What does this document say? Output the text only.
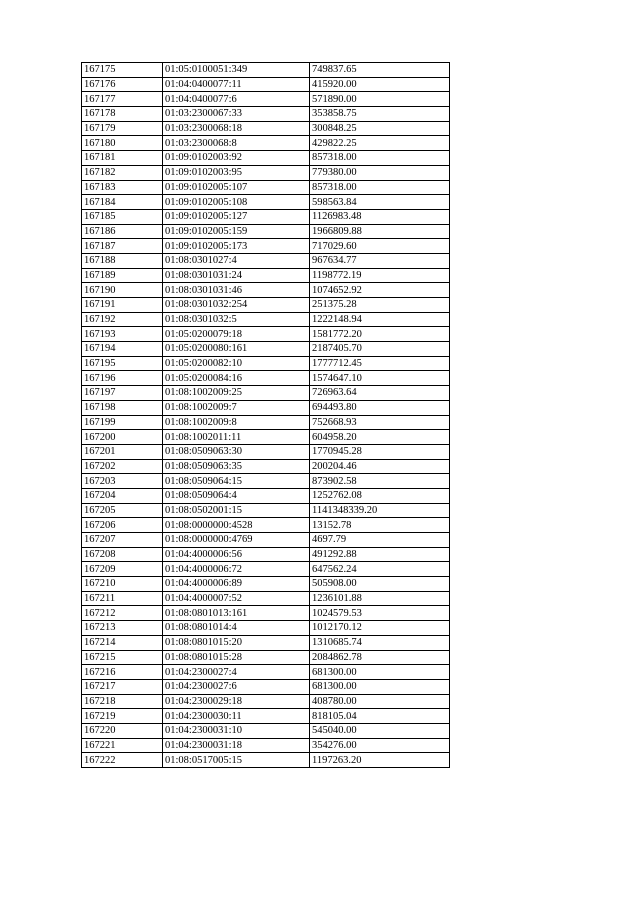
167175	01:05:0100051:349	749837.65
167176	01:04:0400077:11	415920.00
167177	01:04:0400077:6	571890.00
167178	01:03:2300067:33	353858.75
167179	01:03:2300068:18	300848.25
167180	01:03:2300068:8	429822.25
167181	01:09:0102003:92	857318.00
167182	01:09:0102003:95	779380.00
167183	01:09:0102005:107	857318.00
167184	01:09:0102005:108	598563.84
167185	01:09:0102005:127	1126983.48
167186	01:09:0102005:159	1966809.88
167187	01:09:0102005:173	717029.60
167188	01:08:0301027:4	967634.77
167189	01:08:0301031:24	1198772.19
167190	01:08:0301031:46	1074652.92
167191	01:08:0301032:254	251375.28
167192	01:08:0301032:5	1222148.94
167193	01:05:0200079:18	1581772.20
167194	01:05:0200080:161	2187405.70
167195	01:05:0200082:10	1777712.45
167196	01:05:0200084:16	1574647.10
167197	01:08:1002009:25	726963.64
167198	01:08:1002009:7	694493.80
167199	01:08:1002009:8	752668.93
167200	01:08:1002011:11	604958.20
167201	01:08:0509063:30	1770945.28
167202	01:08:0509063:35	200204.46
167203	01:08:0509064:15	873902.58
167204	01:08:0509064:4	1252762.08
167205	01:08:0502001:15	1141348339.20
167206	01:08:0000000:4528	13152.78
167207	01:08:0000000:4769	4697.79
167208	01:04:4000006:56	491292.88
167209	01:04:4000006:72	647562.24
167210	01:04:4000006:89	505908.00
167211	01:04:4000007:52	1236101.88
167212	01:08:0801013:161	1024579.53
167213	01:08:0801014:4	1012170.12
167214	01:08:0801015:20	1310685.74
167215	01:08:0801015:28	2084862.78
167216	01:04:2300027:4	681300.00
167217	01:04:2300027:6	681300.00
167218	01:04:2300029:18	408780.00
167219	01:04:2300030:11	818105.04
167220	01:04:2300031:10	545040.00
167221	01:04:2300031:18	354276.00
167222	01:08:0517005:15	1197263.20
